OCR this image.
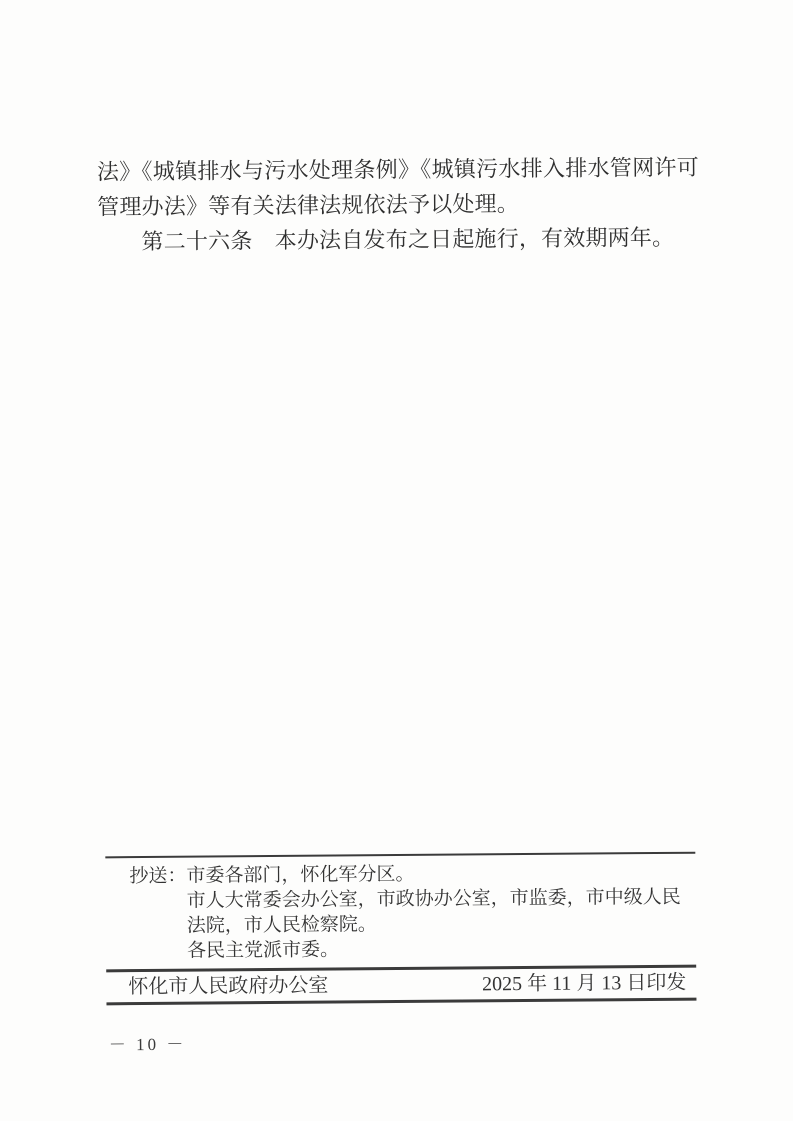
法》《城镇排水与污水处理条例》《城镇污水排入排水管网许可
管理办法》等有关法律法规依法予以处理。
第二十六条　本办法自发布之日起施行，有效期两年。
抄送：市委各部门，怀化军分区。
市人大常委会办公室，市政协办公室，市监委，市中级人民
法院，市人民检察院。
各民主党派市委。
怀化市人民政府办公室	2025 年 11 月 13 日印发
－ 10 －
